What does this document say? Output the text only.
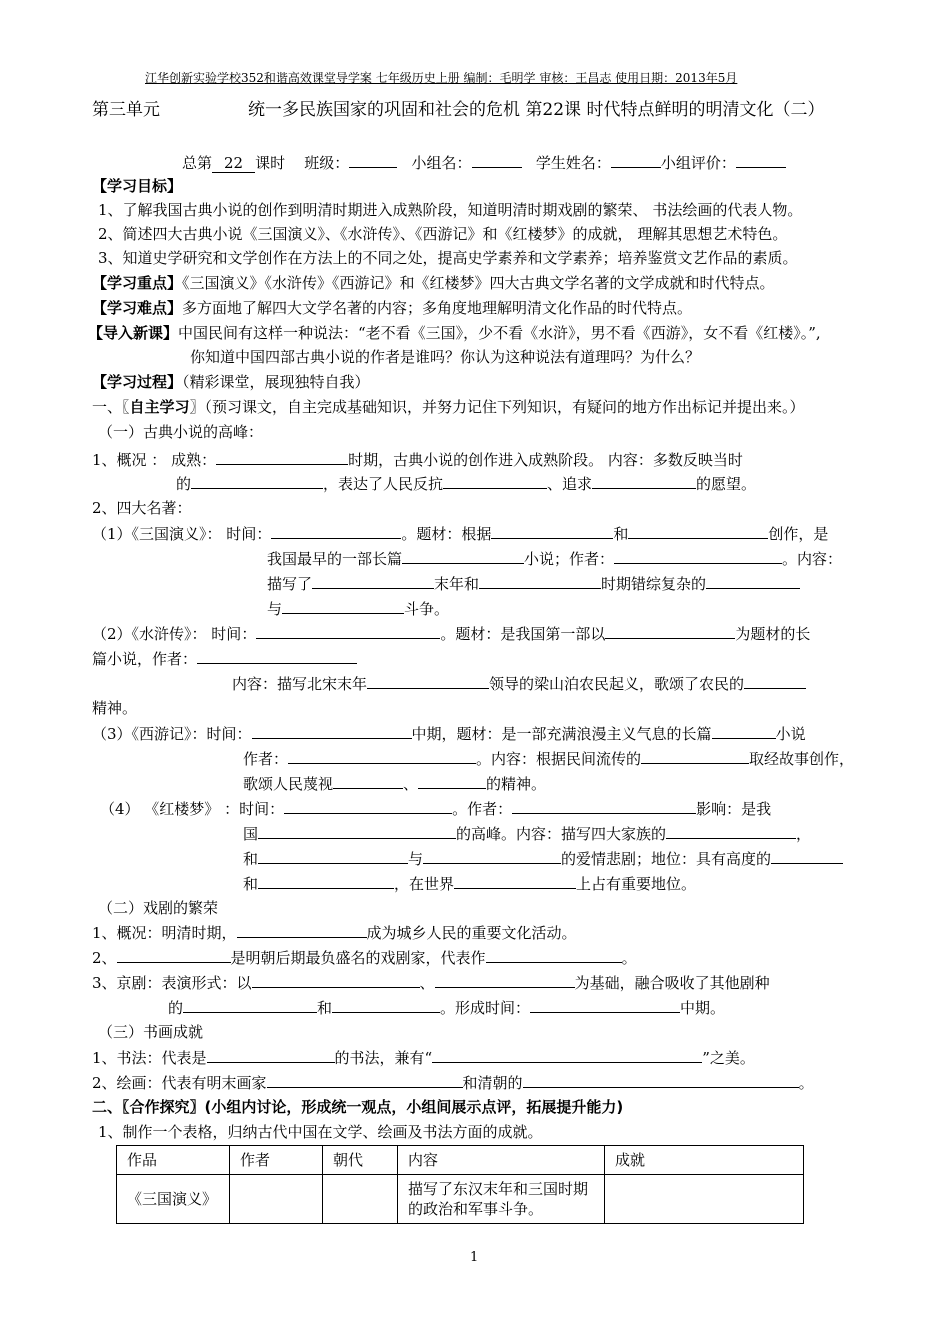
江华创新实验学校352和谐高效课堂导学案 七年级历史上册 编制：毛明学 审核：王昌志 使用日期：2013年5月
第三单元	统一多民族国家的巩固和社会的危机 第22课 时代特点鲜明的明清文化（二）
总第 22 课时 班级：	小组名：	学生姓名：	小组评价：
【学习目标】
1、了解我国古典小说的创作到明清时期进入成熟阶段，知道明清时期戏剧的繁荣、 书法绘画的代表人物。
2、简述四大古典小说《三国演义》、《水浒传》、《西游记》和《红楼梦》的成就， 理解其思想艺术特色。
3、知道史学研究和文学创作在方法上的不同之处，提高史学素养和文学素养；培养鉴赏文艺作品的素质。
【学习重点】《三国演义》《水浒传》《西游记》和《红楼梦》四大古典文学名著的文学成就和时代特点。
【学习难点】多方面地了解四大文学名著的内容；多角度地理解明清文化作品的时代特点。
【导入新课】中国民间有这样一种说法：“老不看《三国》，少不看《水浒》，男不看《西游》，女不看《红楼》。”,
你知道中国四部古典小说的作者是谁吗？你认为这种说法有道理吗？为什么？
【学习过程】（精彩课堂，展现独特自我）
一、〖自主学习〗（预习课文，自主完成基础知识，并努力记住下列知识，有疑问的地方作出标记并提出来。）
（一）古典小说的高峰：
1、概况 ： 成熟：	时期，古典小说的创作进入成熟阶段。 内容：多数反映当时
的	，表达了人民反抗	、追求	的愿望。
2、四大名著：
（1）《三国演义》： 时间：	。题材：根据	和	创作，是
我国最早的一部长篇	小说；作者：	。内容：
描写了	末年和	时期错综复杂的
与	斗争。
（2）《水浒传》： 时间：	。题材：是我国第一部以	为题材的长
篇小说，作者：
内容：描写北宋末年	领导的梁山泊农民起义，歌颂了农民的
精神。
（3）《西游记》：时间：	中期，题材：是一部充满浪漫主义气息的长篇	小说
作者：	。内容：根据民间流传的	取经故事创作，
歌颂人民蔑视	、	的精神。
（4） 《红楼梦》 ：时间：	。作者：	影响：是我
国	的高峰。内容：描写四大家族的	，
和	与	的爱情悲剧；地位：具有高度的
和	，在世界	上占有重要地位。
（二）戏剧的繁荣
1、概况：明清时期，	成为城乡人民的重要文化活动。
2、	是明朝后期最负盛名的戏剧家，代表作	。
3、京剧：表演形式：以	、	为基础，融合吸收了其他剧种
的	和	。形成时间：	中期。
（三）书画成就
1、书法：代表是	的书法，兼有“	”之美。
2、绘画：代表有明末画家	和清朝的	。
二、〖合作探究〗(小组内讨论，形成统一观点，小组间展示点评，拓展提升能力)
1、制作一个表格，归纳古代中国在文学、绘画及书法方面的成就。
作品	作者	朝代	内容	成就
《三国演义》			描写了东汉末年和三国时期的政治和军事斗争。	
1
